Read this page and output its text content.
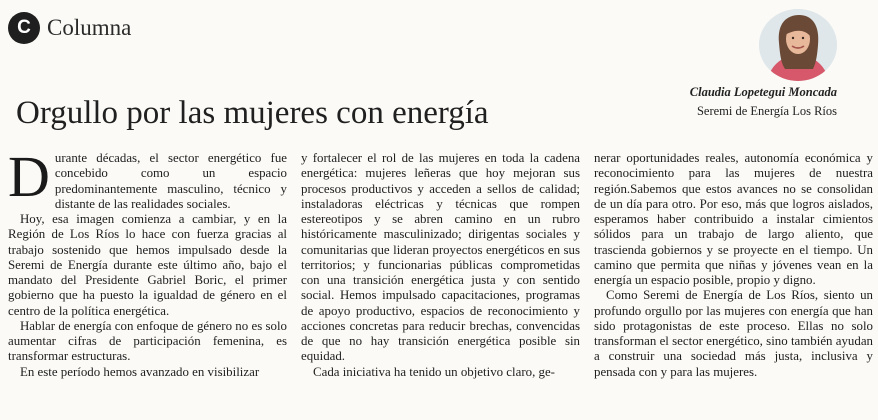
C Columna
Claudia Lopetegui Moncada
Seremi de Energía Los Ríos
Orgullo por las mujeres con energía

Durante décadas, el sector energético fue concebido como un espacio predominantemente masculino, técnico y distante de las realidades sociales.

Hoy, esa imagen comienza a cambiar, y en la Región de Los Ríos lo hace con fuerza gracias al trabajo sostenido que hemos impulsado desde la Seremi de Energía durante este último año, bajo el mandato del Presidente Gabriel Boric, el primer gobierno que ha puesto la igualdad de género en el centro de la política energética.

Hablar de energía con enfoque de género no es solo aumentar cifras de participación femenina, es transformar estructuras.

En este período hemos avanzado en visibilizar

y fortalecer el rol de las mujeres en toda la cadena energética: mujeres leñeras que hoy mejoran sus procesos productivos y acceden a sellos de calidad; instaladoras eléctricas y técnicas que rompen estereotipos y se abren camino en un rubro históricamente masculinizado; dirigentas sociales y comunitarias que lideran proyectos energéticos en sus territorios; y funcionarias públicas comprometidas con una transición energética justa y con sentido social. Hemos impulsado capacitaciones, programas de apoyo productivo, espacios de reconocimiento y acciones concretas para reducir brechas, convencidas de que no hay transición energética posible sin equidad.

Cada iniciativa ha tenido un objetivo claro, ge-

nerar oportunidades reales, autonomía económica y reconocimiento para las mujeres de nuestra región.Sabemos que estos avances no se consolidan de un día para otro. Por eso, más que logros aislados, esperamos haber contribuido a instalar cimientos sólidos para un trabajo de largo aliento, que trascienda gobiernos y se proyecte en el tiempo. Un camino que permita que niñas y jóvenes vean en la energía un espacio posible, propio y digno.

Como Seremi de Energía de Los Ríos, siento un profundo orgullo por las mujeres con energía que han sido protagonistas de este proceso. Ellas no solo transforman el sector energético, sino también ayudan a construir una sociedad más justa, inclusiva y pensada con y para las mujeres.
